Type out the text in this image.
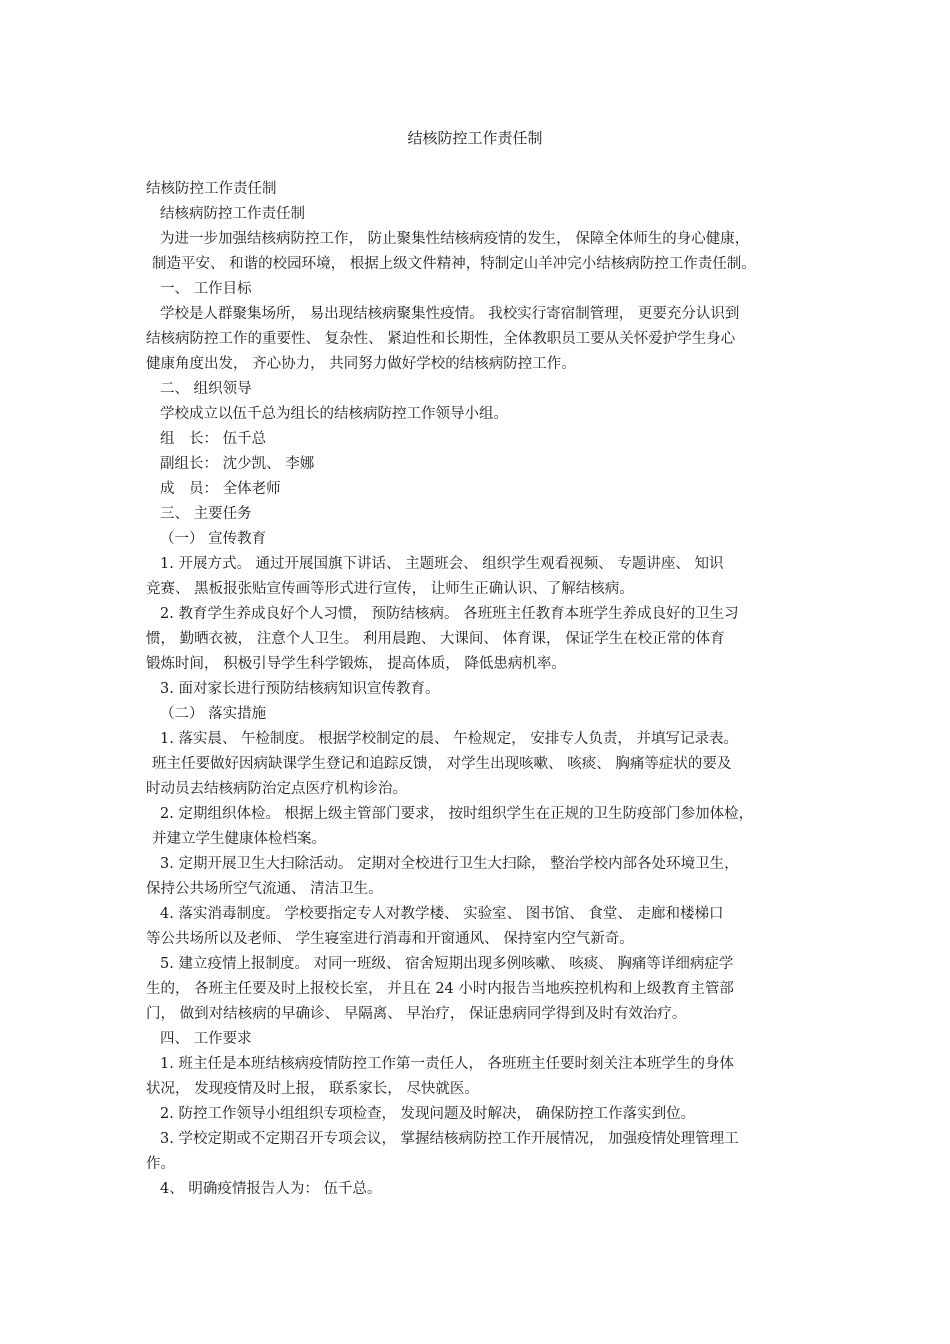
结核防控工作责任制
结核防控工作责任制
结核病防控工作责任制
为进一步加强结核病防控工作， 防止聚集性结核病疫情的发生， 保障全体师生的身心健康，
制造平安、 和谐的校园环境， 根据上级文件精神，特制定山羊冲完小结核病防控工作责任制。
一、 工作目标
学校是人群聚集场所， 易出现结核病聚集性疫情。 我校实行寄宿制管理， 更要充分认识到
结核病防控工作的重要性、 复杂性、 紧迫性和长期性，全体教职员工要从关怀爱护学生身心
健康角度出发， 齐心协力， 共同努力做好学校的结核病防控工作。
二、 组织领导
学校成立以伍千总为组长的结核病防控工作领导小组。
组　长： 伍千总
副组长： 沈少凯、 李娜
成　员： 全体老师
三、 主要任务
（一） 宣传教育
1. 开展方式。 通过开展国旗下讲话、 主题班会、 组织学生观看视频、 专题讲座、 知识
竞赛、 黑板报张贴宣传画等形式进行宣传， 让师生正确认识、了解结核病。
2. 教育学生养成良好个人习惯， 预防结核病。 各班班主任教育本班学生养成良好的卫生习
惯， 勤晒衣被， 注意个人卫生。 利用晨跑、 大课间、 体育课， 保证学生在校正常的体育
锻炼时间， 积极引导学生科学锻炼， 提高体质， 降低患病机率。
3. 面对家长进行预防结核病知识宣传教育。
（二） 落实措施
1. 落实晨、 午检制度。 根据学校制定的晨、 午检规定， 安排专人负责， 并填写记录表。
班主任要做好因病缺课学生登记和追踪反馈， 对学生出现咳嗽、 咳痰、 胸痛等症状的要及
时动员去结核病防治定点医疗机构诊治。
2. 定期组织体检。 根据上级主管部门要求， 按时组织学生在正规的卫生防疫部门参加体检，
并建立学生健康体检档案。
3. 定期开展卫生大扫除活动。 定期对全校进行卫生大扫除， 整治学校内部各处环境卫生，
保持公共场所空气流通、 清洁卫生。
4. 落实消毒制度。 学校要指定专人对教学楼、 实验室、 图书馆、 食堂、 走廊和楼梯口
等公共场所以及老师、 学生寝室进行消毒和开窗通风、 保持室内空气新奇。
5. 建立疫情上报制度。 对同一班级、 宿舍短期出现多例咳嗽、 咳痰、 胸痛等详细病症学
生的， 各班主任要及时上报校长室， 并且在 24 小时内报告当地疾控机构和上级教育主管部
门， 做到对结核病的早确诊、 早隔离、 早治疗， 保证患病同学得到及时有效治疗。
四、 工作要求
1. 班主任是本班结核病疫情防控工作第一责任人， 各班班主任要时刻关注本班学生的身体
状况， 发现疫情及时上报， 联系家长， 尽快就医。
2. 防控工作领导小组组织专项检查， 发现问题及时解决， 确保防控工作落实到位。
3. 学校定期或不定期召开专项会议， 掌握结核病防控工作开展情况， 加强疫情处理管理工
作。
4、 明确疫情报告人为： 伍千总。
